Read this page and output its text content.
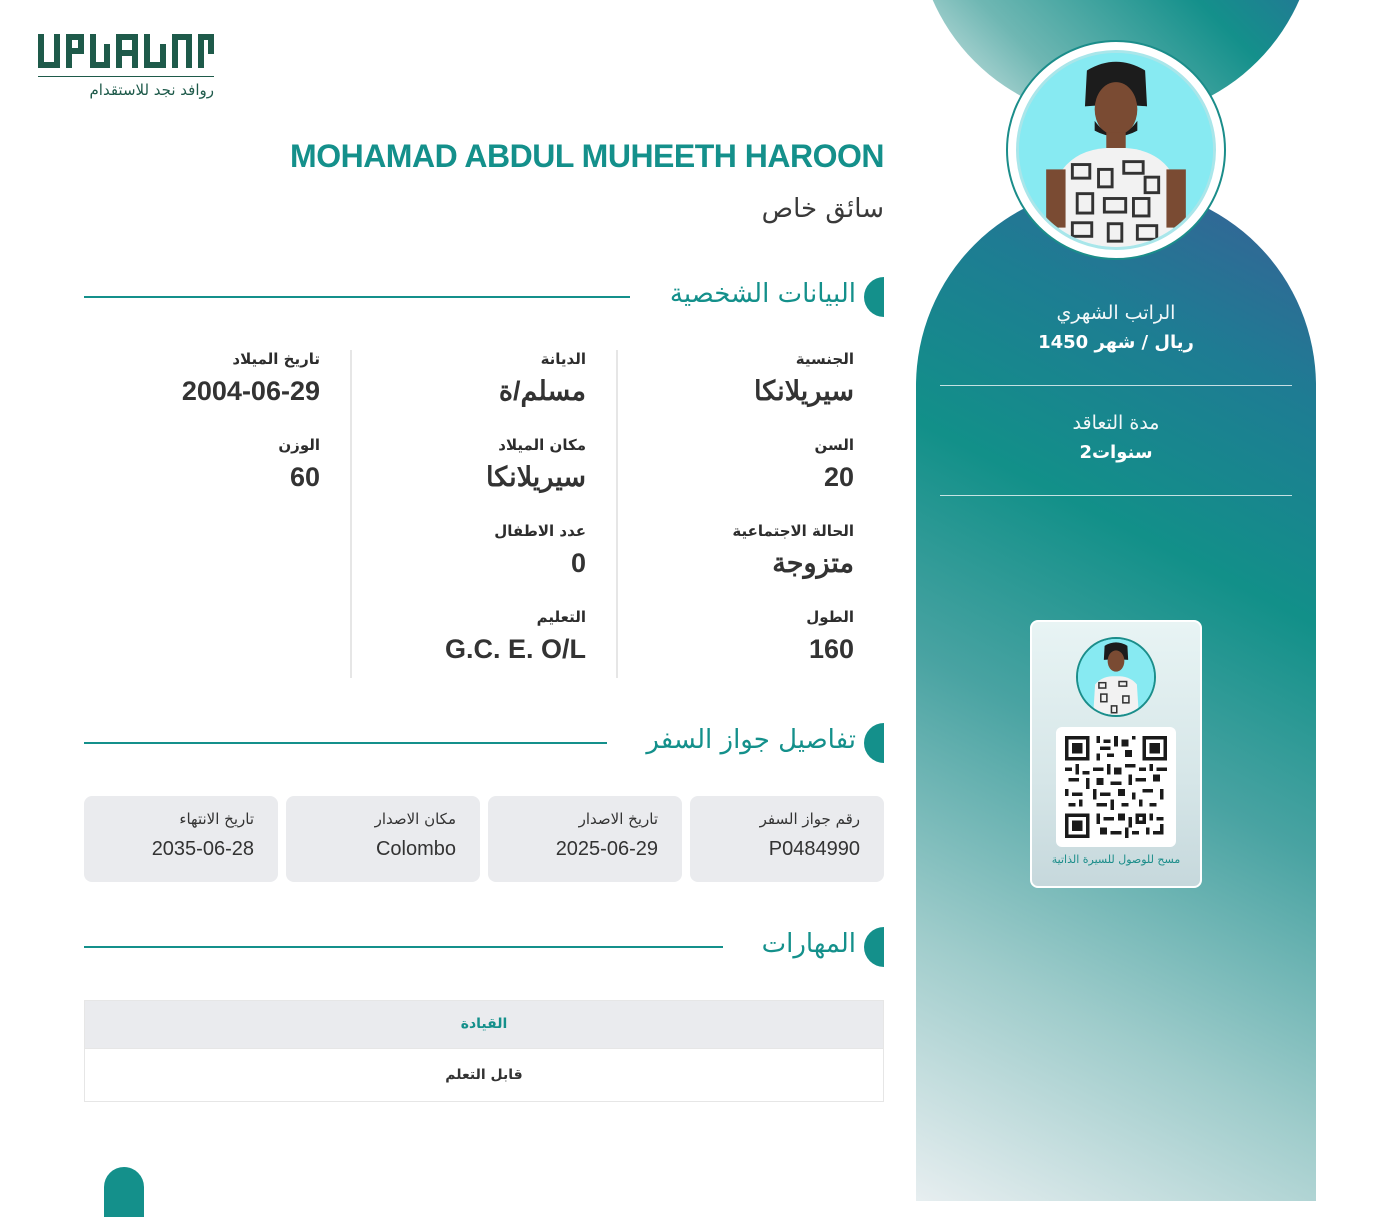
الراتب الشهري
1450 ريال / شهر
مدة التعاقد
2سنوات
مسح للوصول للسيرة الذاتية
روافد نجد للاستقدام
MOHAMAD ABDUL MUHEETH HAROON
سائق خاص
البيانات الشخصية
الجنسية
سيريلانكا
السن
20
الحالة الاجتماعية
متزوجة
الطول
160
الديانة
مسلم/ة
مكان الميلاد
سيريلانكا
عدد الاطفال
0
التعليم
G.C. E. O/L
تاريخ الميلاد
2004-06-29
الوزن
60
تفاصيل جواز السفر
رقم جواز السفر
P0484990
تاريخ الاصدار
2025-06-29
مكان الاصدار
Colombo
تاريخ الانتهاء
2035-06-28
المهارات
القيادة
قابل التعلم
